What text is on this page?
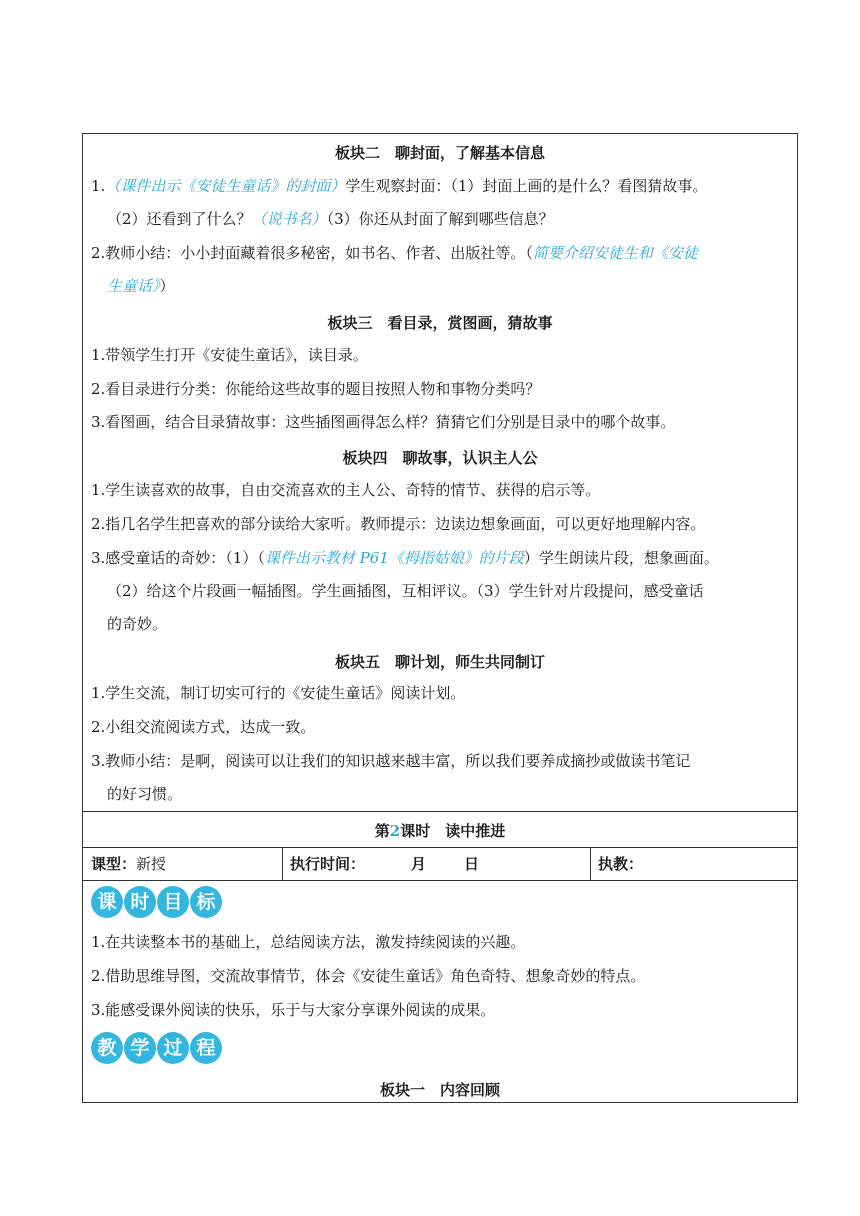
板块二　聊封面，了解基本信息
1.（课件出示《安徒生童话》的封面）学生观察封面：（1）封面上画的是什么？看图猜故事。
（2）还看到了什么？（说书名）（3）你还从封面了解到哪些信息？
2.教师小结：小小封面藏着很多秘密，如书名、作者、出版社等。（简要介绍安徒生和《安徒
生童话》）
板块三　看目录，赏图画，猜故事
1.带领学生打开《安徒生童话》，读目录。
2.看目录进行分类：你能给这些故事的题目按照人物和事物分类吗？
3.看图画，结合目录猜故事：这些插图画得怎么样？猜猜它们分别是目录中的哪个故事。
板块四　聊故事，认识主人公
1.学生读喜欢的故事，自由交流喜欢的主人公、奇特的情节、获得的启示等。
2.指几名学生把喜欢的部分读给大家听。教师提示：边读边想象画面，可以更好地理解内容。
3.感受童话的奇妙：（1）（课件出示教材 P61《拇指姑娘》的片段）学生朗读片段，想象画面。
（2）给这个片段画一幅插图。学生画插图，互相评议。（3）学生针对片段提问，感受童话
的奇妙。
板块五　聊计划，师生共同制订
1.学生交流，制订切实可行的《安徒生童话》阅读计划。
2.小组交流阅读方式，达成一致。
3.教师小结：是啊，阅读可以让我们的知识越来越丰富，所以我们要养成摘抄或做读书笔记
的好习惯。
第2课时　读中推进
课型：新授	执行时间：	月	日	执教：
课 时 目 标
1.在共读整本书的基础上，总结阅读方法，激发持续阅读的兴趣。
2.借助思维导图，交流故事情节，体会《安徒生童话》角色奇特、想象奇妙的特点。
3.能感受课外阅读的快乐，乐于与大家分享课外阅读的成果。
教 学 过 程
板块一　内容回顾
